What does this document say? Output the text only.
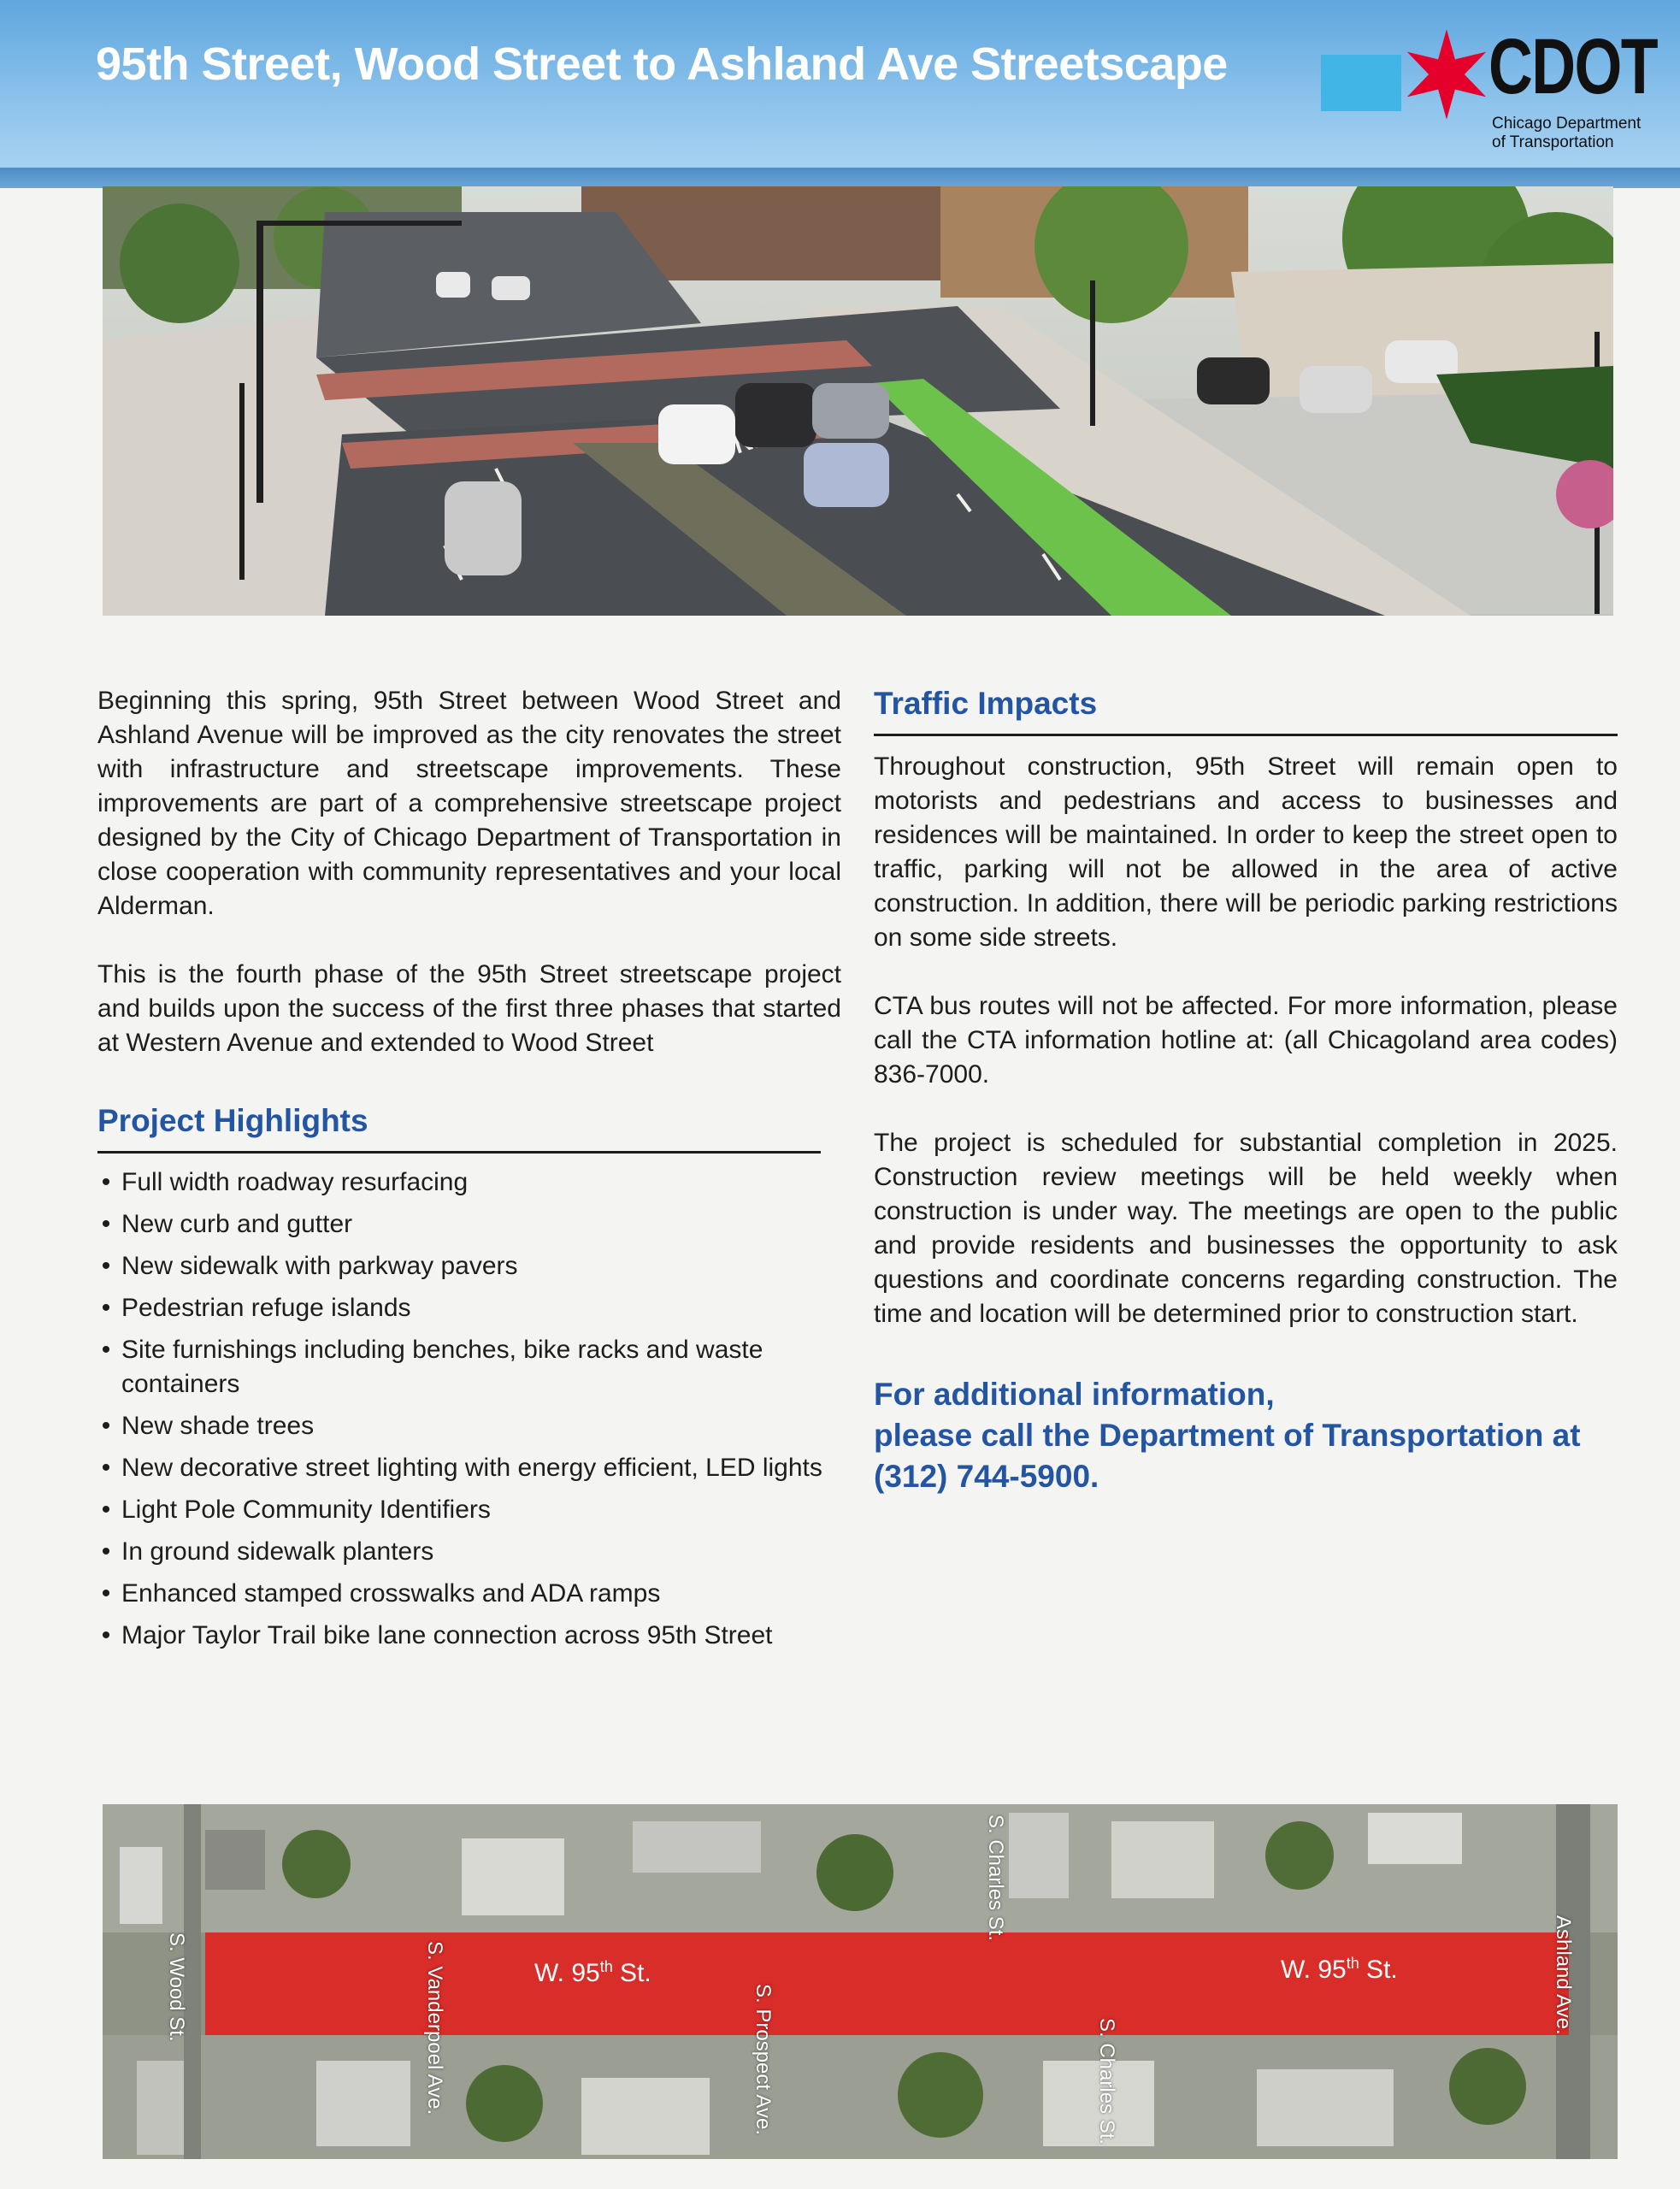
95th Street, Wood Street to Ashland Ave Streetscape	CDOT
Chicago Department
of Transportation

Beginning this spring, 95th Street between Wood Street and Ashland Avenue will be improved as the city renovates the street with infrastructure and streetscape improvements. These improvements are part of a comprehensive streetscape project designed by the City of Chicago Department of Transportation in close cooperation with community representatives and your local Alderman.

This is the fourth phase of the 95th Street streetscape project and builds upon the success of the first three phases that started at Western Avenue and extended to Wood Street

Project Highlights
• Full width roadway resurfacing
• New curb and gutter
• New sidewalk with parkway pavers
• Pedestrian refuge islands
• Site furnishings including benches, bike racks and waste containers
• New shade trees
• New decorative street lighting with energy efficient, LED lights
• Light Pole Community Identifiers
• In ground sidewalk planters
• Enhanced stamped crosswalks and ADA ramps
• Major Taylor Trail bike lane connection across 95th Street
Traffic Impacts

Throughout construction, 95th Street will remain open to motorists and pedestrians and access to businesses and residences will be maintained. In order to keep the street open to traffic, parking will not be allowed in the area of active construction. In addition, there will be periodic parking restrictions on some side streets.

CTA bus routes will not be affected. For more information, please call the CTA information hotline at: (all Chicagoland area codes) 836-7000.

The project is scheduled for substantial completion in 2025. Construction review meetings will be held weekly when construction is under way. The meetings are open to the public and provide residents and businesses the opportunity to ask questions and coordinate concerns regarding construction. The time and location will be determined prior to construction start.

For additional information,
please call the Department of Transportation at
(312) 744-5900.
W. 95th St.	W. 95th St.
S. Wood St.	S. Vanderpoel Ave.	S. Prospect Ave.
S. Charles St.
S. Charles St.
Ashland Ave.
